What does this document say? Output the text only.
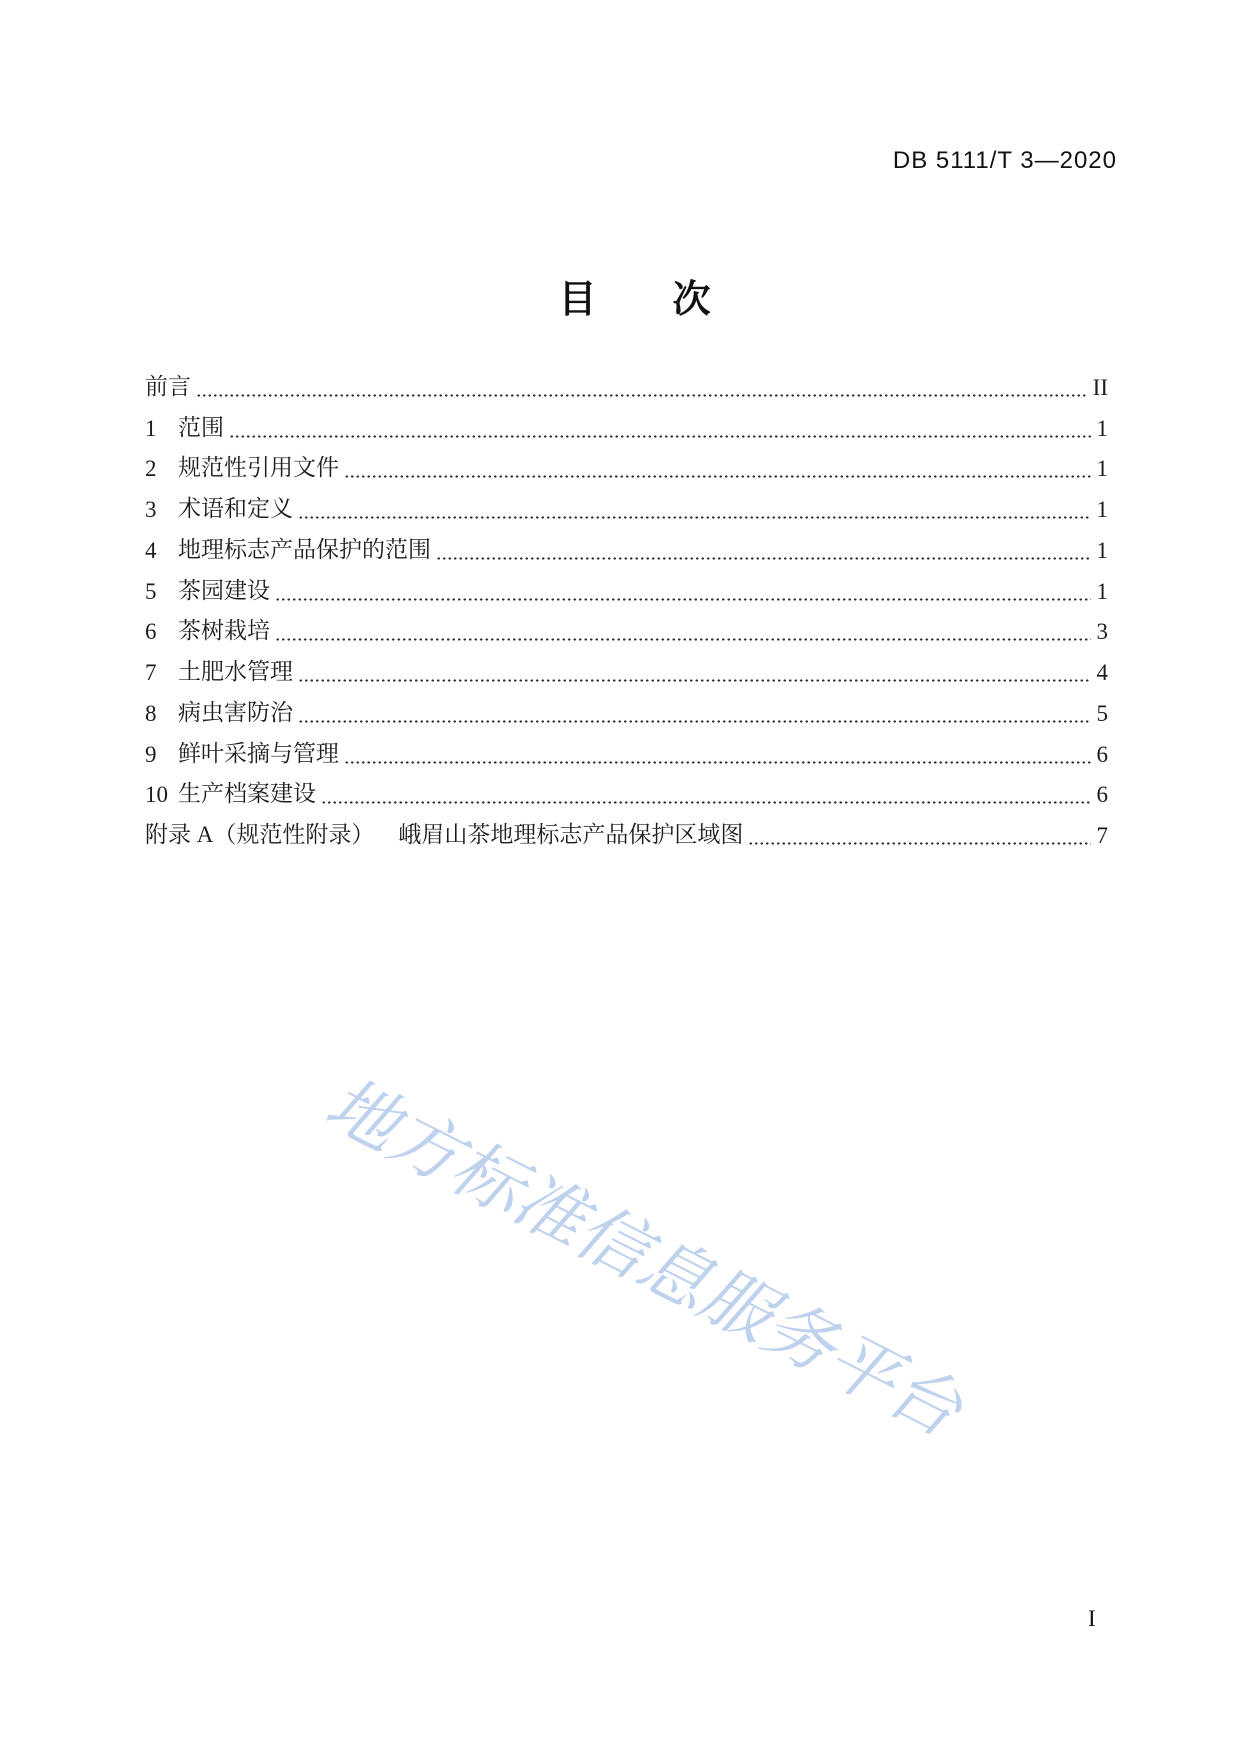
DB 5111/T 3—2020
目　　次
前言	II
1 范围	1
2 规范性引用文件	1
3 术语和定义	1
4 地理标志产品保护的范围	1
5 茶园建设	1
6 茶树栽培	3
7 土肥水管理	4
8 病虫害防治	5
9 鲜叶采摘与管理	6
10 生产档案建设	6
附录 A（规范性附录） 峨眉山茶地理标志产品保护区域图	7
地方标准信息服务平台
I
